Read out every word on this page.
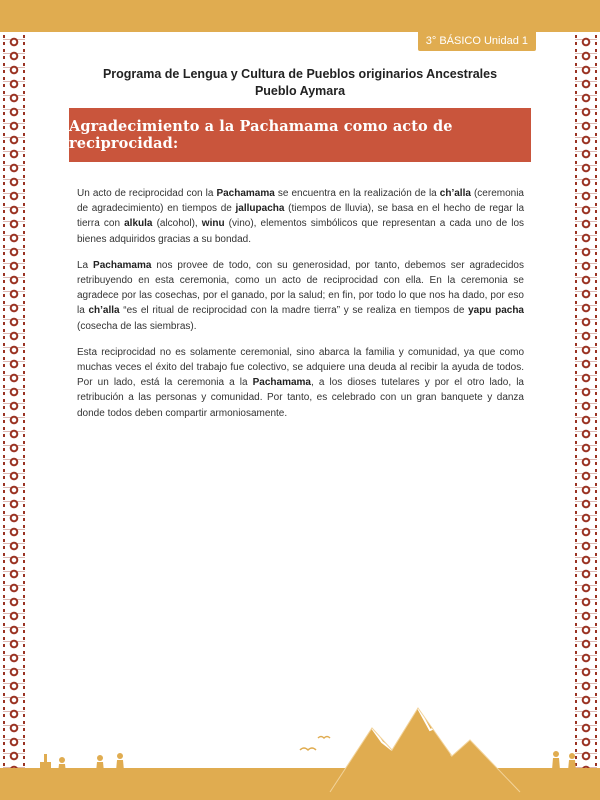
3° BÁSICO Unidad 1
Programa de Lengua y Cultura de Pueblos originarios Ancestrales
Pueblo Aymara
Agradecimiento a la Pachamama como acto de reciprocidad:

Un acto de reciprocidad con la Pachamama se encuentra en la realización de la ch’alla (ceremonia de agradecimiento) en tiempos de jallupacha (tiempos de lluvia), se basa en el hecho de regar la tierra con alkula (alcohol), winu (vino), elementos simbólicos que representan a cada uno de los bienes adquiridos gracias a su bondad.

La Pachamama nos provee de todo, con su generosidad, por tanto, debemos ser agradecidos retribuyendo en esta ceremonia, como un acto de reciprocidad con ella. En la ceremonia se agradece por las cosechas, por el ganado, por la salud; en fin, por todo lo que nos ha dado, por eso la ch’alla “es el ritual de reciprocidad con la madre tierra” y se realiza en tiempos de yapu pacha (cosecha de las siembras).

Esta reciprocidad no es solamente ceremonial, sino abarca la familia y comunidad, ya que como muchas veces el éxito del trabajo fue colectivo, se adquiere una deuda al recibir la ayuda de todos. Por un lado, está la ceremonia a la Pachamama, a los dioses tutelares y por el otro lado, la retribución a las personas y comunidad. Por tanto, es celebrado con un gran banquete y danza donde todos deben compartir armoniosamente.
